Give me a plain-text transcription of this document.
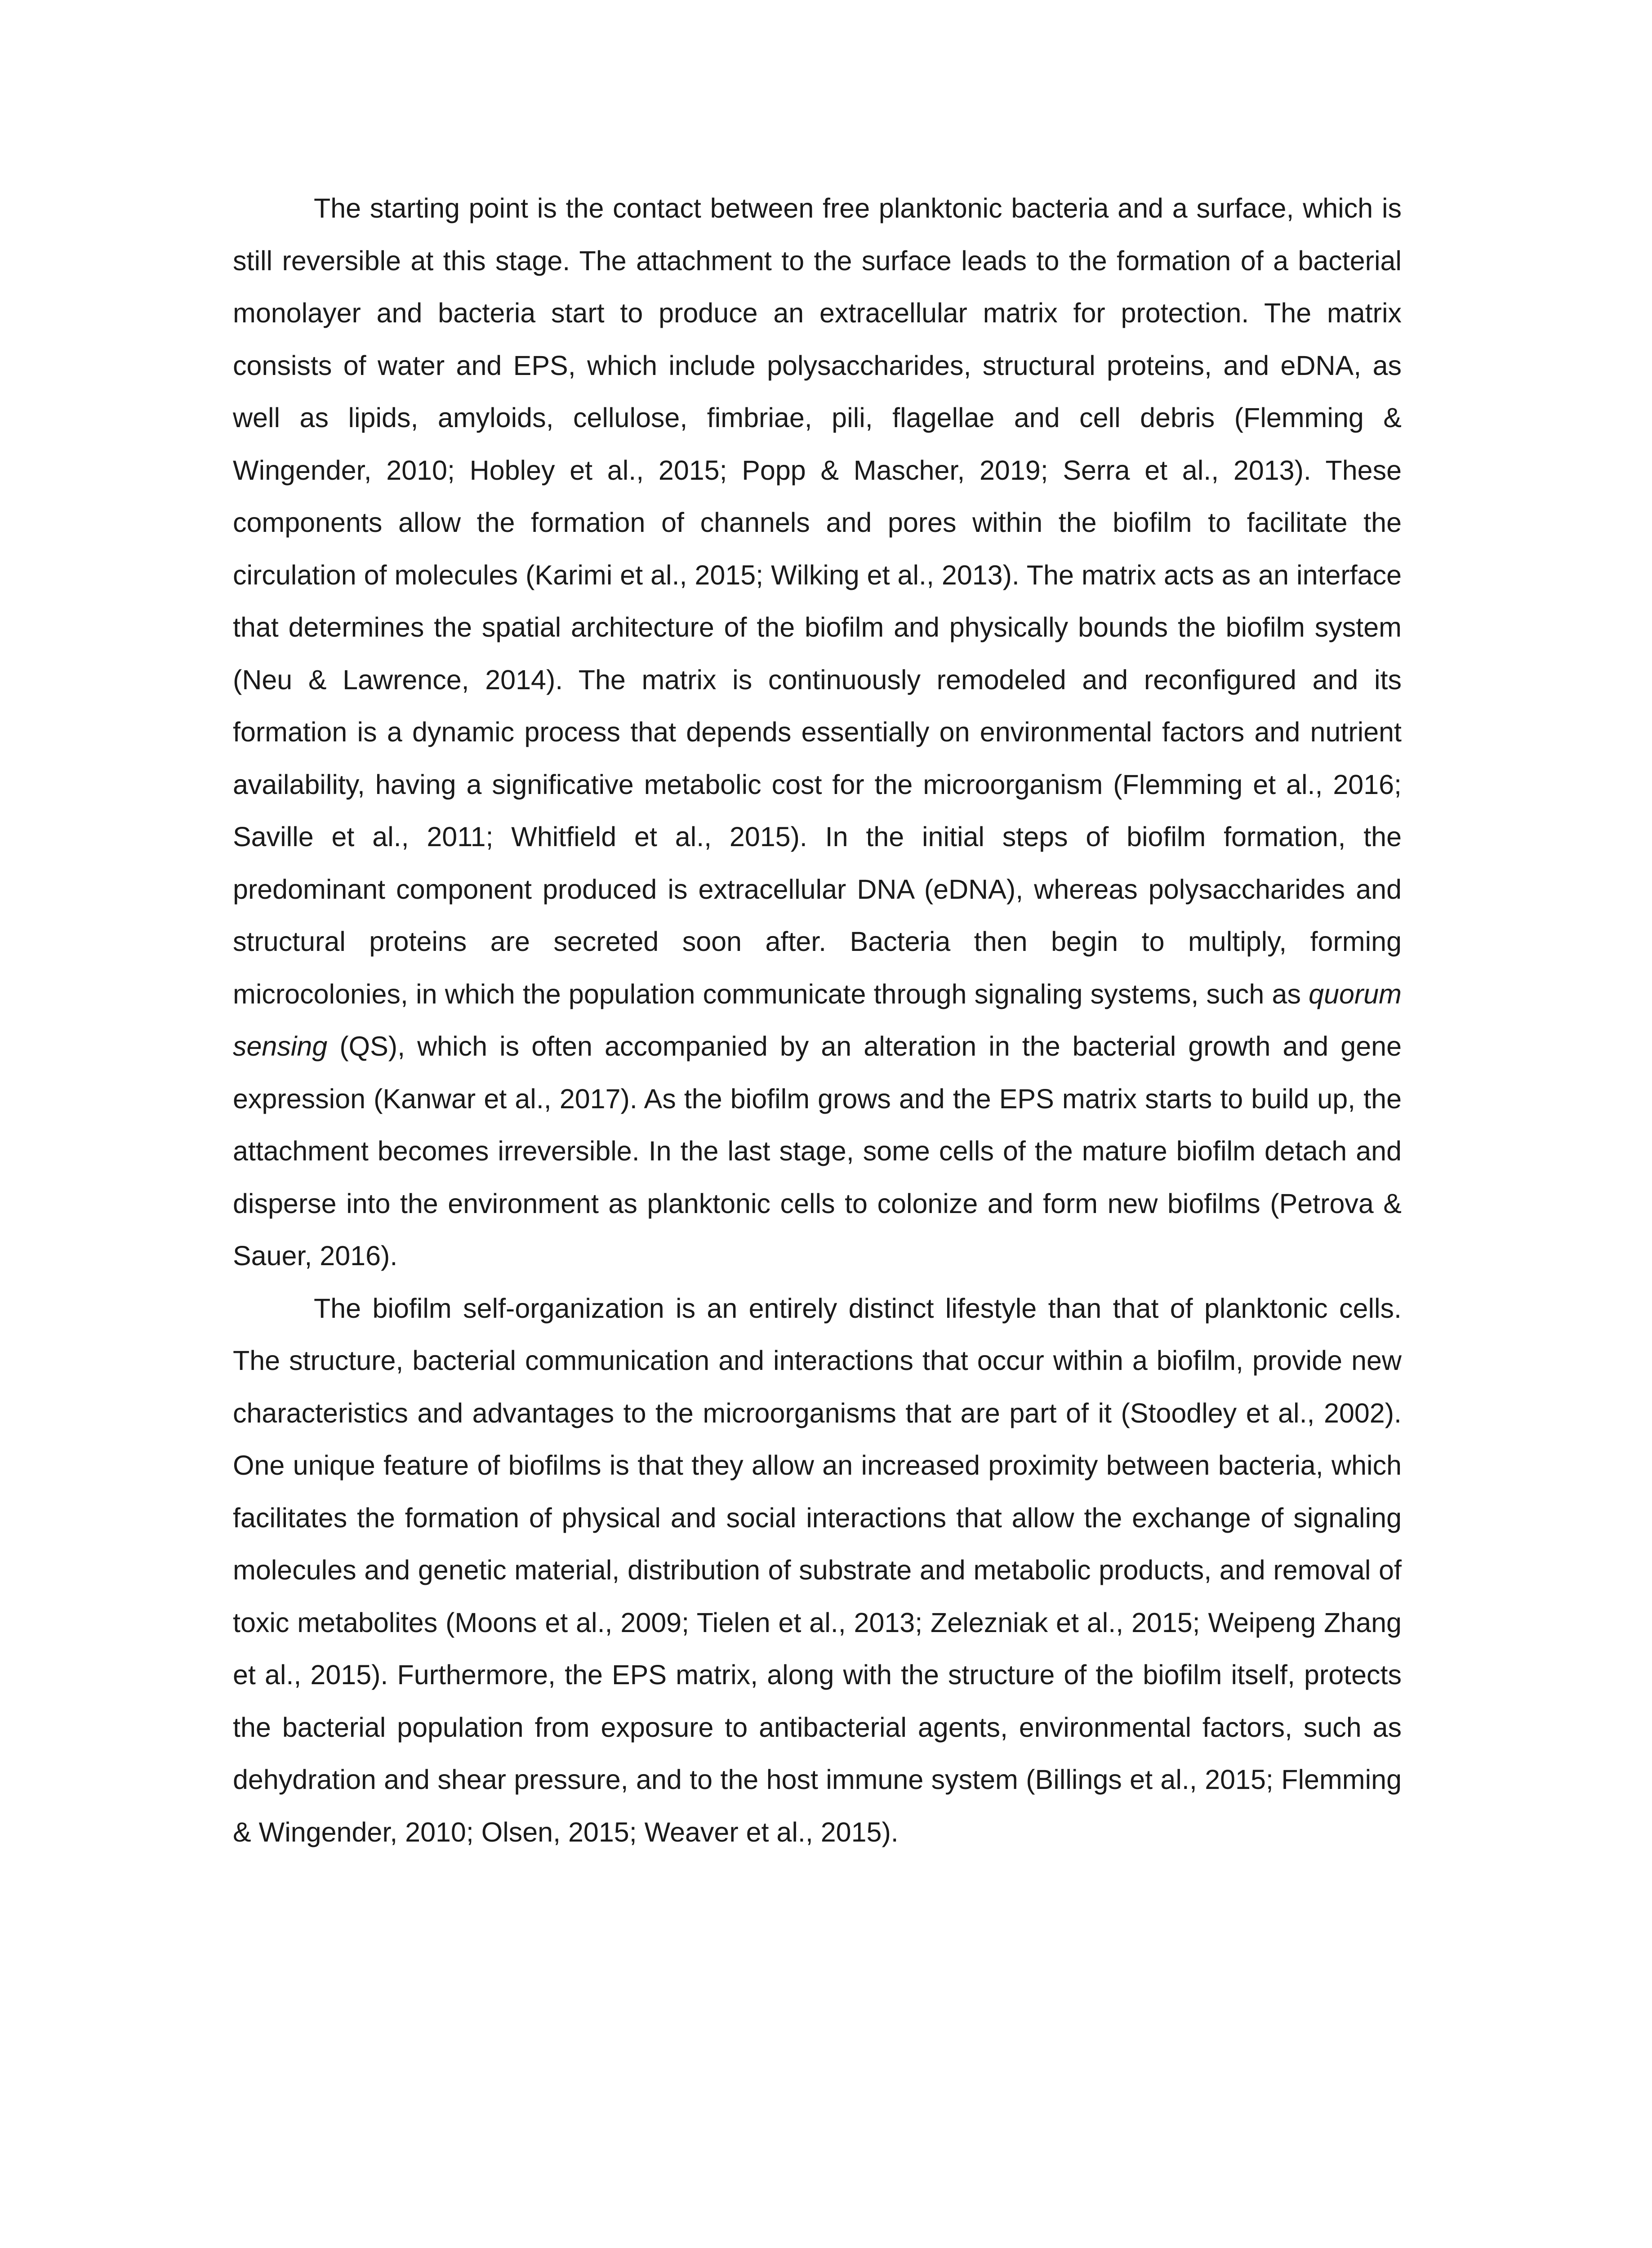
The starting point is the contact between free planktonic bacteria and a surface, which is still reversible at this stage. The attachment to the surface leads to the formation of a bacterial monolayer and bacteria start to produce an extracellular matrix for protection. The matrix consists of water and EPS, which include polysaccharides, structural proteins, and eDNA, as well as lipids, amyloids, cellulose, fimbriae, pili, flagellae and cell debris (Flemming & Wingender, 2010; Hobley et al., 2015; Popp & Mascher, 2019; Serra et al., 2013). These components allow the formation of channels and pores within the biofilm to facilitate the circulation of molecules (Karimi et al., 2015; Wilking et al., 2013). The matrix acts as an interface that determines the spatial architecture of the biofilm and physically bounds the biofilm system (Neu & Lawrence, 2014). The matrix is continuously remodeled and reconfigured and its formation is a dynamic process that depends essentially on environmental factors and nutrient availability, having a significative metabolic cost for the microorganism (Flemming et al., 2016; Saville et al., 2011; Whitfield et al., 2015). In the initial steps of biofilm formation, the predominant component produced is extracellular DNA (eDNA), whereas polysaccharides and structural proteins are secreted soon after. Bacteria then begin to multiply, forming microcolonies, in which the population communicate through signaling systems, such as quorum sensing (QS), which is often accompanied by an alteration in the bacterial growth and gene expression (Kanwar et al., 2017). As the biofilm grows and the EPS matrix starts to build up, the attachment becomes irreversible. In the last stage, some cells of the mature biofilm detach and disperse into the environment as planktonic cells to colonize and form new biofilms (Petrova & Sauer, 2016).

The biofilm self-organization is an entirely distinct lifestyle than that of planktonic cells. The structure, bacterial communication and interactions that occur within a biofilm, provide new characteristics and advantages to the microorganisms that are part of it (Stoodley et al., 2002). One unique feature of biofilms is that they allow an increased proximity between bacteria, which facilitates the formation of physical and social interactions that allow the exchange of signaling molecules and genetic material, distribution of substrate and metabolic products, and removal of toxic metabolites (Moons et al., 2009; Tielen et al., 2013; Zelezniak et al., 2015; Weipeng Zhang et al., 2015). Furthermore, the EPS matrix, along with the structure of the biofilm itself, protects the bacterial population from exposure to antibacterial agents, environmental factors, such as dehydration and shear pressure, and to the host immune system (Billings et al., 2015; Flemming & Wingender, 2010; Olsen, 2015; Weaver et al., 2015).
